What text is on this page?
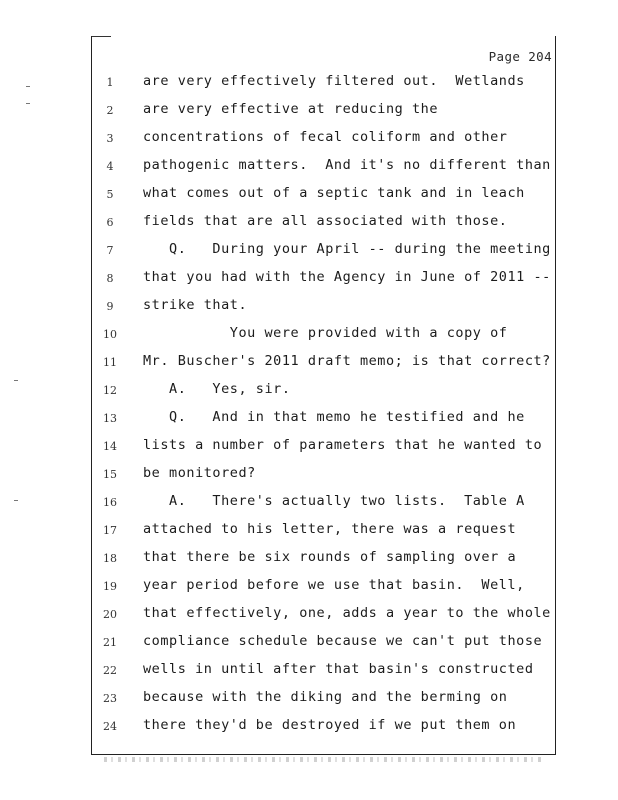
Page 204
1	are very effectively filtered out.  Wetlands
2	are very effective at reducing the
3	concentrations of fecal coliform and other
4	pathogenic matters.  And it's no different than
5	what comes out of a septic tank and in leach
6	fields that are all associated with those.
7	Q.   During your April -- during the meeting
8	that you had with the Agency in June of 2011 --
9	strike that.
10	You were provided with a copy of
11	Mr. Buscher's 2011 draft memo; is that correct?
12	A.   Yes, sir.
13	Q.   And in that memo he testified and he
14	lists a number of parameters that he wanted to
15	be monitored?
16	A.   There's actually two lists.  Table A
17	attached to his letter, there was a request
18	that there be six rounds of sampling over a
19	year period before we use that basin.  Well,
20	that effectively, one, adds a year to the whole
21	compliance schedule because we can't put those
22	wells in until after that basin's constructed
23	because with the diking and the berming on
24	there they'd be destroyed if we put them on
